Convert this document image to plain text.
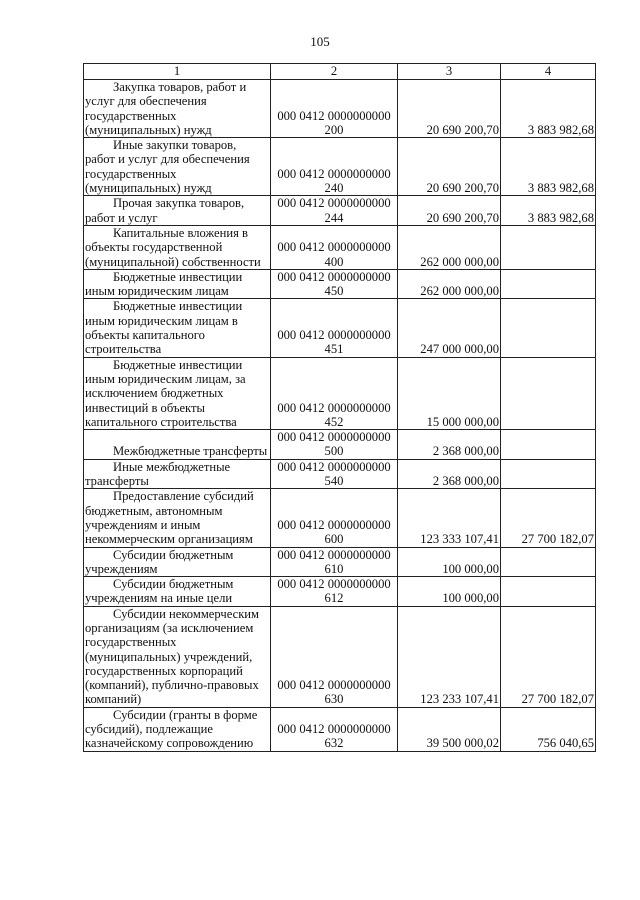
105
1	2	3	4
Закупка товаров, работ и услуг для обеспечения государственных (муниципальных) нужд	000 0412 0000000000 200	20 690 200,70	3 883 982,68
Иные закупки товаров, работ и услуг для обеспечения государственных (муниципальных) нужд	000 0412 0000000000 240	20 690 200,70	3 883 982,68
Прочая закупка товаров, работ и услуг	000 0412 0000000000 244	20 690 200,70	3 883 982,68
Капитальные вложения в объекты государственной (муниципальной) собственности	000 0412 0000000000 400	262 000 000,00	
Бюджетные инвестиции иным юридическим лицам	000 0412 0000000000 450	262 000 000,00	
Бюджетные инвестиции иным юридическим лицам в объекты капитального строительства	000 0412 0000000000 451	247 000 000,00	
Бюджетные инвестиции иным юридическим лицам, за исключением бюджетных инвестиций в объекты капитального строительства	000 0412 0000000000 452	15 000 000,00	
Межбюджетные трансферты	000 0412 0000000000 500	2 368 000,00	
Иные межбюджетные трансферты	000 0412 0000000000 540	2 368 000,00	
Предоставление субсидий бюджетным, автономным учреждениям и иным некоммерческим организациям	000 0412 0000000000 600	123 333 107,41	27 700 182,07
Субсидии бюджетным учреждениям	000 0412 0000000000 610	100 000,00	
Субсидии бюджетным учреждениям на иные цели	000 0412 0000000000 612	100 000,00	
Субсидии некоммерческим организациям (за исключением государственных (муниципальных) учреждений, государственных корпораций (компаний), публично-правовых компаний)	000 0412 0000000000 630	123 233 107,41	27 700 182,07
Субсидии (гранты в форме субсидий), подлежащие казначейскому сопровождению	000 0412 0000000000 632	39 500 000,02	756 040,65
